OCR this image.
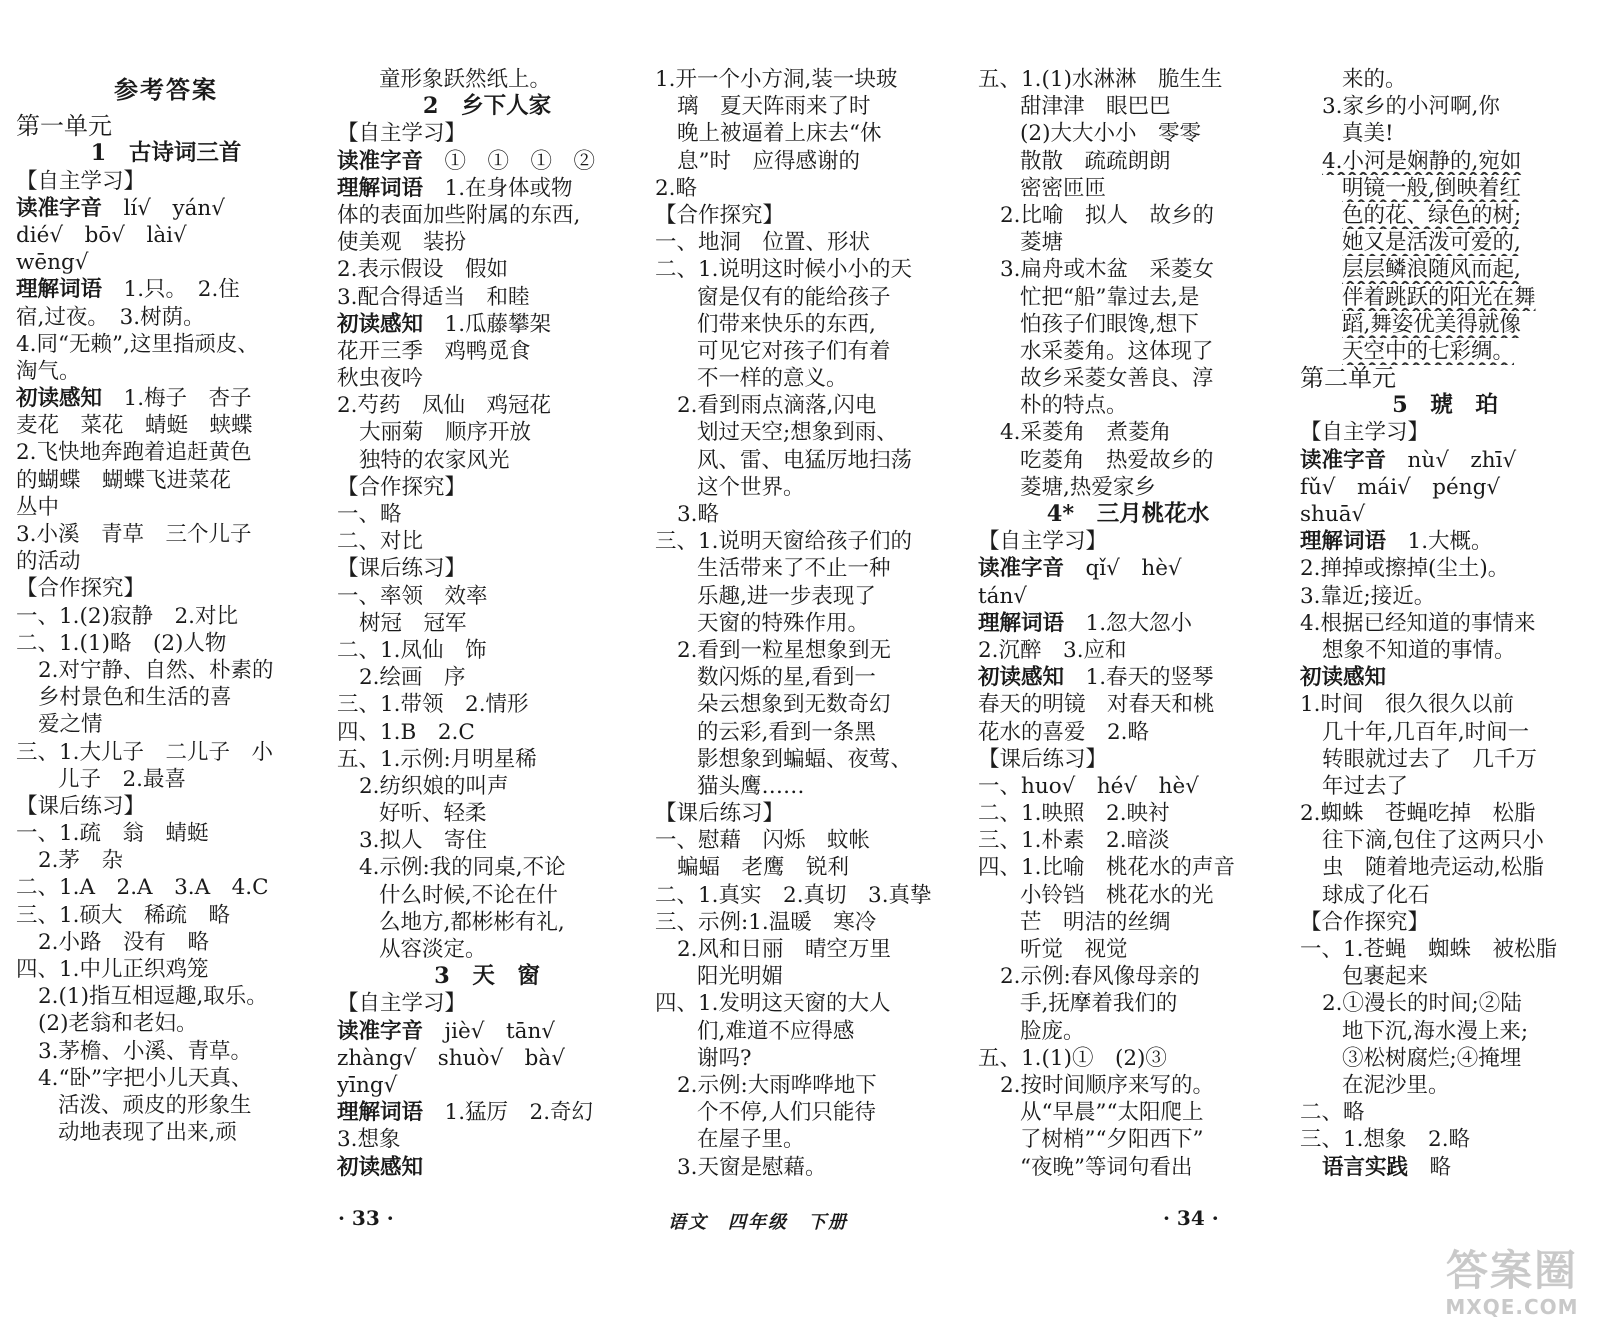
参考答案
第一单元
1　古诗词三首
【自主学习】
读准字音　lí√　yán√
dié√　bō√　lài√
wēng√
理解词语　1.只。　2.住
宿,过夜。　3.树荫。
4.同“无赖”,这里指顽皮、
淘气。
初读感知　1.梅子　杏子
麦花　菜花　蜻蜓　蛱蝶
2.飞快地奔跑着追赶黄色
的蝴蝶　蝴蝶飞进菜花
丛中
3.小溪　青草　三个儿子
的活动
【合作探究】
一、1.(2)寂静　2.对比
二、1.(1)略　(2)人物
2.对宁静、自然、朴素的
乡村景色和生活的喜
爱之情
三、1.大儿子　二儿子　小
儿子　2.最喜
【课后练习】
一、1.疏　翁　蜻蜓
2.茅　杂
二、1.A　2.A　3.A　4.C
三、1.硕大　稀疏　略
2.小路　没有　略
四、1.中儿正织鸡笼
2.(1)指互相逗趣,取乐。
(2)老翁和老妇。
3.茅檐、小溪、青草。
4.“卧”字把小儿天真、
活泼、顽皮的形象生
动地表现了出来,顽
童形象跃然纸上。
2　乡下人家
【自主学习】
读准字音　①　①　①　②
理解词语　1.在身体或物
体的表面加些附属的东西,
使美观　装扮
2.表示假设　假如
3.配合得适当　和睦
初读感知　1.瓜藤攀架
花开三季　鸡鸭觅食
秋虫夜吟
2.芍药　凤仙　鸡冠花
大丽菊　顺序开放
独特的农家风光
【合作探究】
一、略
二、对比
【课后练习】
一、率领　效率
树冠　冠军
二、1.凤仙　饰
2.绘画　序
三、1.带领　2.情形
四、1.B　2.C
五、1.示例:月明星稀
2.纺织娘的叫声
好听、轻柔
3.拟人　寄住
4.示例:我的同桌,不论
什么时候,不论在什
么地方,都彬彬有礼,
从容淡定。
3　天　窗
【自主学习】
读准字音　jiè√　tān√
zhàng√　shuò√　bà√
yīng√
理解词语　1.猛厉　2.奇幻
3.想象
初读感知
1.开一个小方洞,装一块玻
璃　夏天阵雨来了时
晚上被逼着上床去“休
息”时　应得感谢的
2.略
【合作探究】
一、地洞　位置、形状
二、1.说明这时候小小的天
窗是仅有的能给孩子
们带来快乐的东西,
可见它对孩子们有着
不一样的意义。
2.看到雨点滴落,闪电
划过天空;想象到雨、
风、雷、电猛厉地扫荡
这个世界。
3.略
三、1.说明天窗给孩子们的
生活带来了不止一种
乐趣,进一步表现了
天窗的特殊作用。
2.看到一粒星想象到无
数闪烁的星,看到一
朵云想象到无数奇幻
的云彩,看到一条黑
影想象到蝙蝠、夜莺、
猫头鹰……
【课后练习】
一、慰藉　闪烁　蚊帐
蝙蝠　老鹰　锐利
二、1.真实　2.真切　3.真挚
三、示例:1.温暖　寒冷
2.风和日丽　晴空万里
阳光明媚
四、1.发明这天窗的大人
们,难道不应得感
谢吗?
2.示例:大雨哗哗地下
个不停,人们只能待
在屋子里。
3.天窗是慰藉。
五、1.(1)水淋淋　脆生生
甜津津　眼巴巴
(2)大大小小　零零
散散　疏疏朗朗
密密匝匝
2.比喻　拟人　故乡的
菱塘
3.扁舟或木盆　采菱女
忙把“船”靠过去,是
怕孩子们眼馋,想下
水采菱角。这体现了
故乡采菱女善良、淳
朴的特点。
4.采菱角　煮菱角
吃菱角　热爱故乡的
菱塘,热爱家乡
4*　三月桃花水
【自主学习】
读准字音　qǐ√　hè√
tán√
理解词语　1.忽大忽小
2.沉醉　3.应和
初读感知　1.春天的竖琴
春天的明镜　对春天和桃
花水的喜爱　2.略
【课后练习】
一、huo√　hé√　hè√
二、1.映照　2.映衬
三、1.朴素　2.暗淡
四、1.比喻　桃花水的声音
小铃铛　桃花水的光
芒　明洁的丝绸
听觉　视觉
2.示例:春风像母亲的
手,抚摩着我们的
脸庞。
五、1.(1)①　(2)③
2.按时间顺序来写的。
从“早晨”“太阳爬上
了树梢”“夕阳西下”
“夜晚”等词句看出
来的。
3.家乡的小河啊,你
真美!
4.小河是娴静的,宛如
明镜一般,倒映着红
色的花、绿色的树;
她又是活泼可爱的,
层层鳞浪随风而起,
伴着跳跃的阳光在舞
蹈,舞姿优美得就像
天空中的七彩绸。
第二单元
5　琥　珀
【自主学习】
读准字音　nù√　zhī√
fǔ√　mái√　péng√
shuā√
理解词语　1.大概。
2.掸掉或擦掉(尘土)。
3.靠近;接近。
4.根据已经知道的事情来
想象不知道的事情。
初读感知
1.时间　很久很久以前
几十年,几百年,时间一
转眼就过去了　几千万
年过去了
2.蜘蛛　苍蝇吃掉　松脂
往下滴,包住了这两只小
虫　随着地壳运动,松脂
球成了化石
【合作探究】
一、1.苍蝇　蜘蛛　被松脂
包裹起来
2.①漫长的时间;②陆
地下沉,海水漫上来;
③松树腐烂;④掩埋
在泥沙里。
二、略
三、1.想象　2.略
语言实践　略
· 33 ·	语文　四年级　下册	· 34 ·
答案圈
MXQE.COM
